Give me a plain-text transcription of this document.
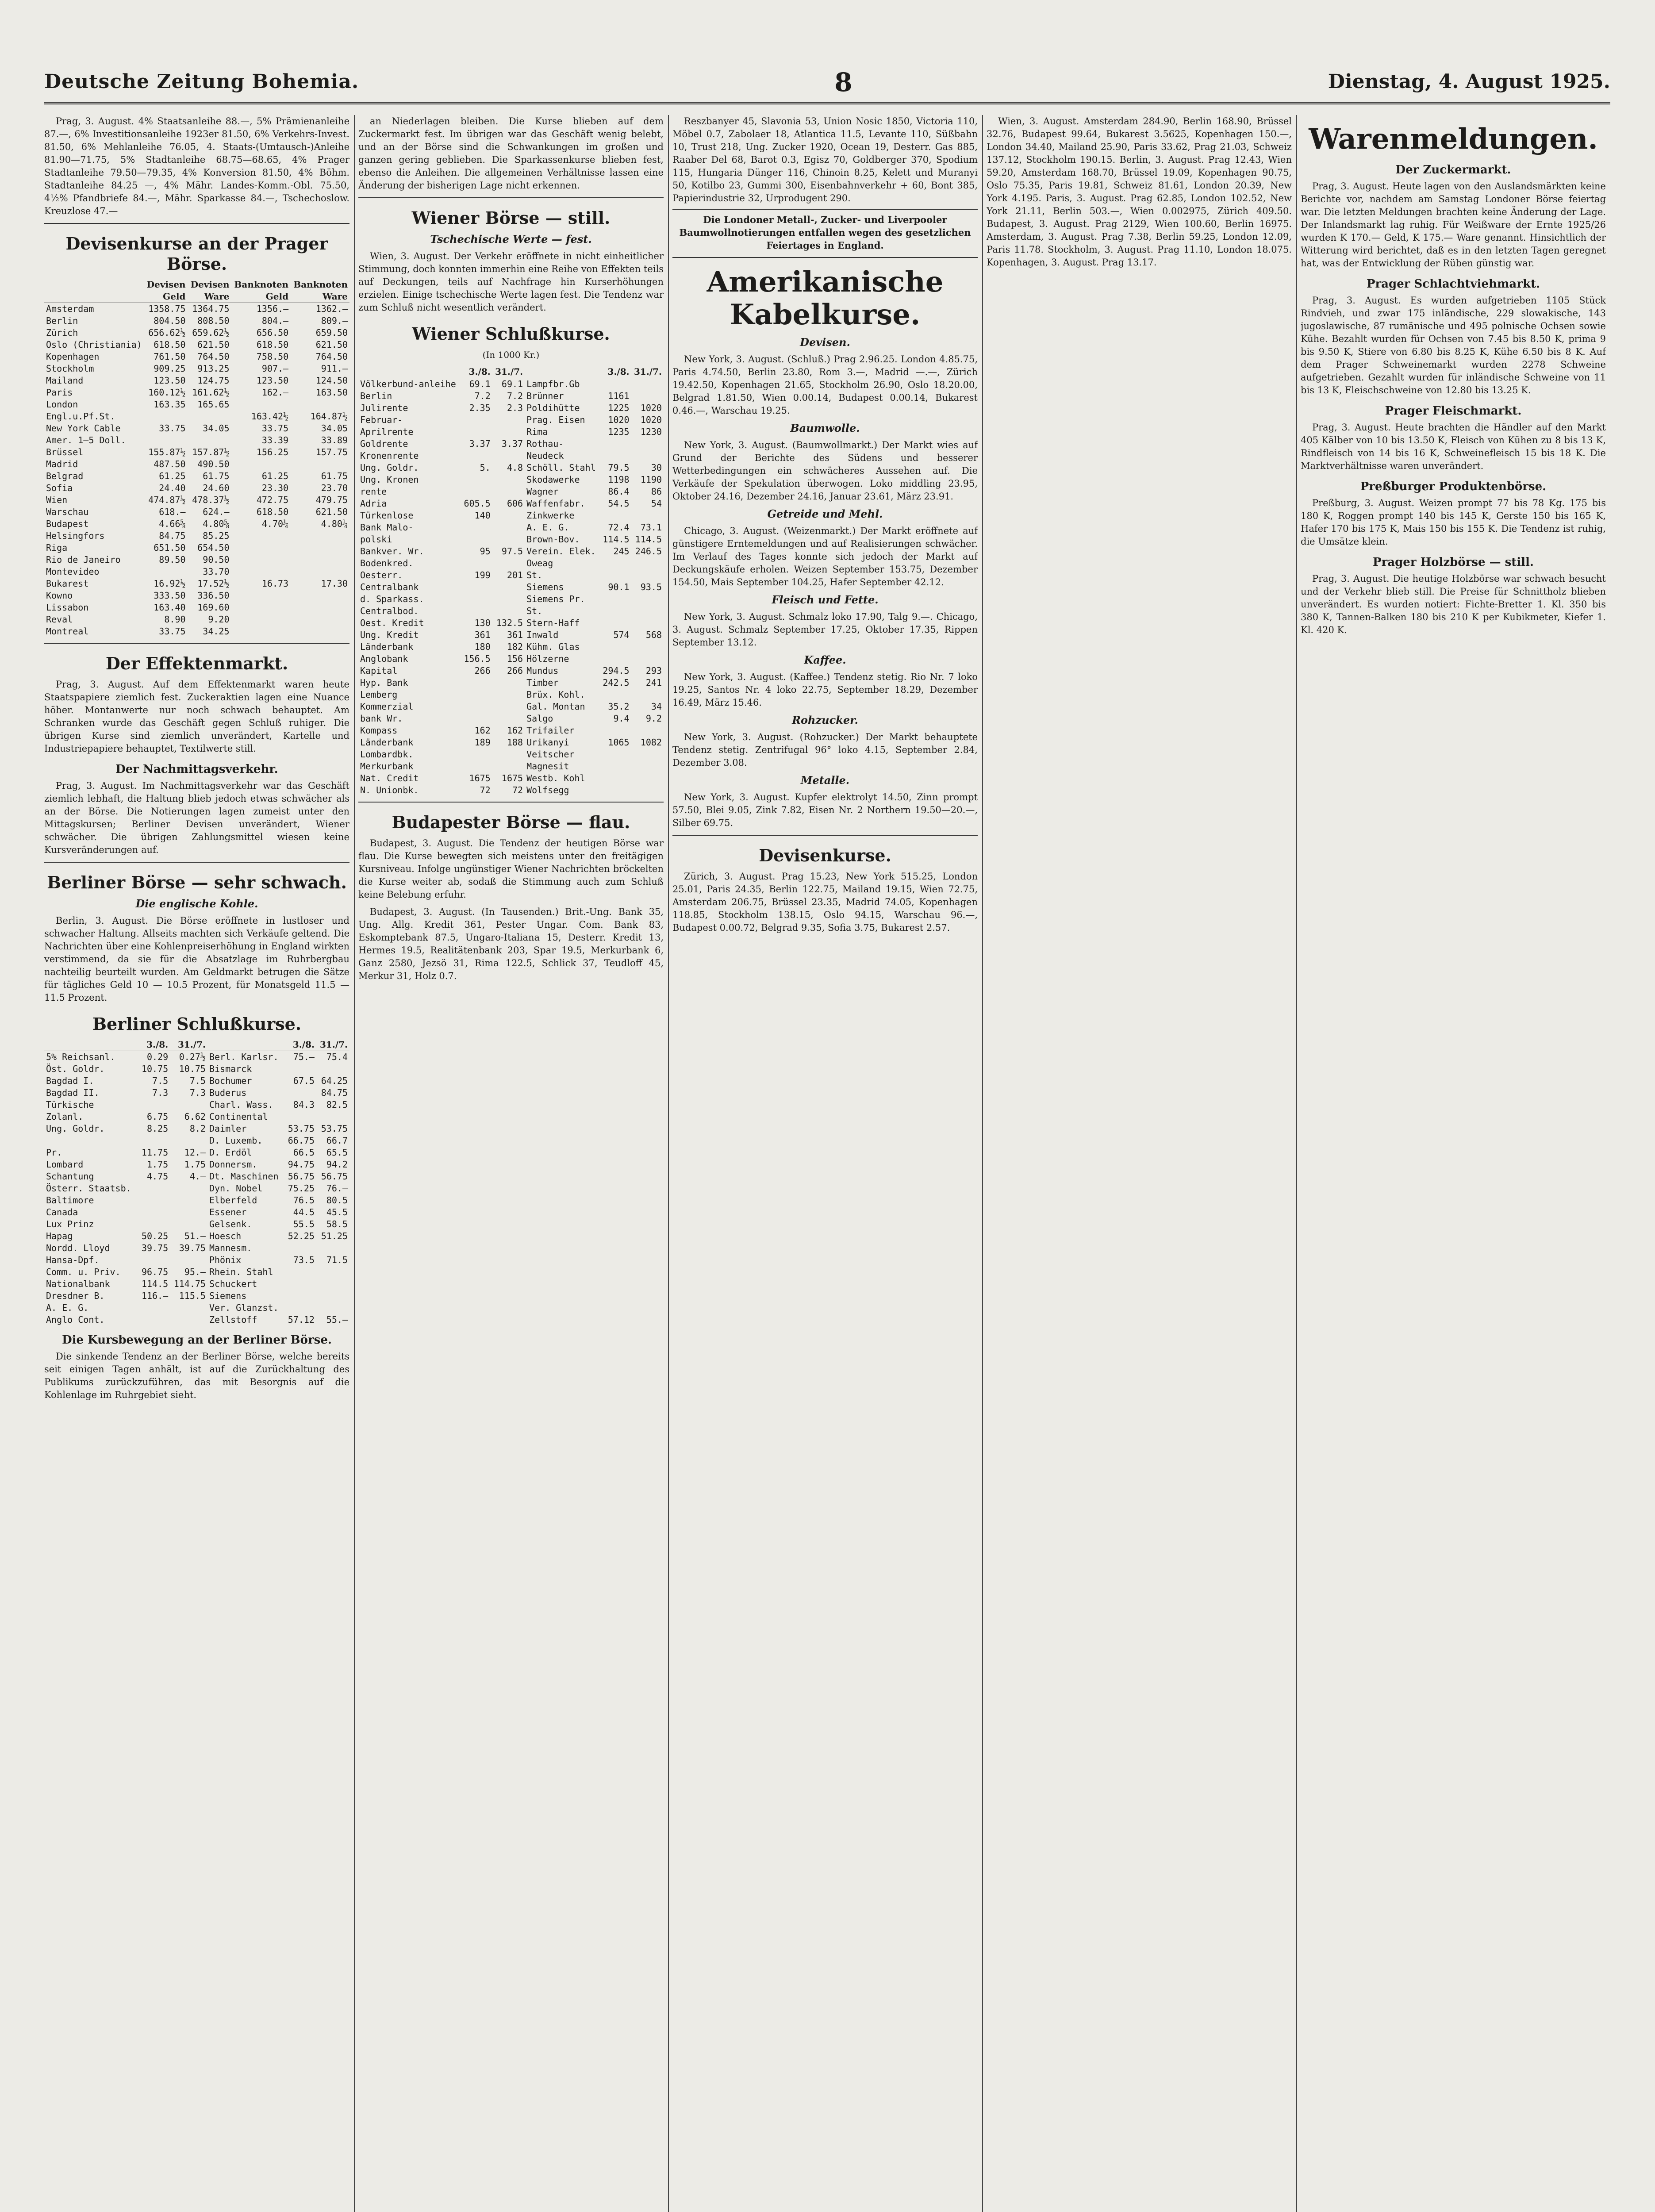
Deutsche Zeitung Bohemia.	8	Dienstag, 4. August 1925.

Prag, 3. August. 4% Staatsanleihe 88.—, 5% Prämienanleihe 87.—, 6% Investitionsanleihe 1923er 81.50, 6% Verkehrs-Invest. 81.50, 6% Mehlanleihe 76.05, 4. Staats-(Umtausch-)Anleihe 81.90—71.75, 5% Stadtanleihe 68.75—68.65, 4% Prager Stadtanleihe 79.50—79.35, 4% Konversion 81.50, 4% Böhm. Stadtanleihe 84.25 —, 4% Mähr. Landes-Komm.-Obl. 75.50, 4½% Pfandbriefe 84.—, Mähr. Sparkasse 84.—, Tschechoslow. Kreuzlose 47.—

Devisenkurse an der Prager Börse.
	Devisen Geld	Devisen Ware	Banknoten Geld	Banknoten Ware
Amsterdam	1358.75	1364.75	1356.—	1362.—
Berlin	804.50	808.50	804.—	809.—
Zürich	656.62½	659.62½	656.50	659.50
Oslo (Christiania)	618.50	621.50	618.50	621.50
Kopenhagen	761.50	764.50	758.50	764.50
Stockholm	909.25	913.25	907.—	911.—
Mailand	123.50	124.75	123.50	124.50
Paris	160.12½	161.62½	162.—	163.50
London	163.35	165.65		
Engl.u.Pf.St.			163.42½	164.87½
New York Cable	33.75	34.05	33.75	34.05
Amer. 1—5 Doll.			33.39	33.89
Brüssel	155.87½	157.87½	156.25	157.75
Madrid	487.50	490.50		
Belgrad	61.25	61.75	61.25	61.75
Sofia	24.40	24.60	23.30	23.70
Wien	474.87½	478.37½	472.75	479.75
Warschau	618.—	624.—	618.50	621.50
Budapest	4.66⅝	4.80⅝	4.70¼	4.80¼
Helsingfors	84.75	85.25		
Riga	651.50	654.50		
Rio de Janeiro	89.50	90.50		
Montevideo		33.70		
Bukarest	16.92½	17.52½	16.73	17.30
Kowno	333.50	336.50		
Lissabon	163.40	169.60		
Reval	8.90	9.20		
Montreal	33.75	34.25		
Der Effektenmarkt.

Prag, 3. August. Auf dem Effektenmarkt waren heute Staatspapiere ziemlich fest. Zuckeraktien lagen eine Nuance höher. Montanwerte nur noch schwach behauptet. Am Schranken wurde das Geschäft gegen Schluß ruhiger. Die übrigen Kurse sind ziemlich unverändert, Kartelle und Industriepapiere behauptet, Textilwerte still.

Der Nachmittagsverkehr.

Prag, 3. August. Im Nachmittagsverkehr war das Geschäft ziemlich lebhaft, die Haltung blieb jedoch etwas schwächer als an der Börse. Die Notierungen lagen zumeist unter den Mittagskursen; Berliner Devisen unverändert, Wiener schwächer. Die übrigen Zahlungsmittel wiesen keine Kursveränderungen auf.

Berliner Börse — sehr schwach.
Die englische Kohle.

Berlin, 3. August. Die Börse eröffnete in lustloser und schwacher Haltung. Allseits machten sich Verkäufe geltend. Die Nachrichten über eine Kohlenpreiserhöhung in England wirkten verstimmend, da sie für die Absatzlage im Ruhrbergbau nachteilig beurteilt wurden. Am Geldmarkt betrugen die Sätze für tägliches Geld 10 — 10.5 Prozent, für Monatsgeld 11.5 — 11.5 Prozent.

Berliner Schlußkurse.
	3./8.	31./7.		3./8.	31./7.
5% Reichsanl.	0.29	0.27½	Berl. Karlsr.	75.—	75.4
Öst. Goldr.	10.75	10.75	Bismarck		
Bagdad I.	7.5	7.5	Bochumer	67.5	64.25
Bagdad II.	7.3	7.3	Buderus		84.75
Türkische			Charl. Wass.	84.3	82.5
Zolanl.	6.75	6.62	Continental		
Ung. Goldr.	8.25	8.2	Daimler	53.75	53.75
			D. Luxemb.	66.75	66.7
Pr.	11.75	12.—	D. Erdöl	66.5	65.5
Lombard	1.75	1.75	Donnersm.	94.75	94.2
Schantung	4.75	4.—	Dt. Maschinen	56.75	56.75
Österr. Staatsb.			Dyn. Nobel	75.25	76.—
Baltimore			Elberfeld	76.5	80.5
Canada			Essener	44.5	45.5
Lux Prinz			Gelsenk.	55.5	58.5
Hapag	50.25	51.—	Hoesch	52.25	51.25
Nordd. Lloyd	39.75	39.75	Mannesm.		
Hansa-Dpf.			Phönix	73.5	71.5
Comm. u. Priv.	96.75	95.—	Rhein. Stahl		
Nationalbank	114.5	114.75	Schuckert		
Dresdner B.	116.—	115.5	Siemens		
A. E. G.			Ver. Glanzst.		
Anglo Cont.			Zellstoff	57.12	55.—
Die Kursbewegung an der Berliner Börse.

Die sinkende Tendenz an der Berliner Börse, welche bereits seit einigen Tagen anhält, ist auf die Zurückhaltung des Publikums zurückzuführen, das mit Besorgnis auf die Kohlenlage im Ruhrgebiet sieht.

an Niederlagen bleiben. Die Kurse blieben auf dem Zuckermarkt fest. Im übrigen war das Geschäft wenig belebt, und an der Börse sind die Schwankungen im großen und ganzen gering geblieben. Die Sparkassenkurse blieben fest, ebenso die Anleihen. Die allgemeinen Verhältnisse lassen eine Änderung der bisherigen Lage nicht erkennen.

Wiener Börse — still.
Tschechische Werte — fest.

Wien, 3. August. Der Verkehr eröffnete in nicht einheitlicher Stimmung, doch konnten immerhin eine Reihe von Effekten teils auf Deckungen, teils auf Nachfrage hin Kurserhöhungen erzielen. Einige tschechische Werte lagen fest. Die Tendenz war zum Schluß nicht wesentlich verändert.

Wiener Schlußkurse.
(In 1000 Kr.)
	3./8.	31./7.		3./8.	31./7.
Völkerbund-anleihe	69.1	69.1	Lampfbr.Gb		
Berlin	7.2	7.2	Brünner	1161	
Julirente	2.35	2.3	Poldihütte	1225	1020
Februar-			Prag. Eisen	1020	1020
Aprilrente			Rima	1235	1230
Goldrente	3.37	3.37	Rothau-		
Kronenrente			Neudeck		
Ung. Goldr.	5.	4.8	Schöll. Stahl	79.5	30
Ung. Kronen			Skodawerke	1198	1190
rente			Wagner	86.4	86
Adria	605.5	606	Waffenfabr.	54.5	54
Türkenlose	140		Zinkwerke		
Bank Malo-			A. E. G.	72.4	73.1
polski			Brown-Bov.	114.5	114.5
Bankver. Wr.	95	97.5	Verein. Elek.	245	246.5
Bodenkred.			Oweag		
Oesterr.	199	201	St.		
Centralbank			Siemens	90.1	93.5
d. Sparkass.			Siemens Pr.		
Centralbod.			St.		
Oest. Kredit	130	132.5	Stern-Haff		
Ung. Kredit	361	361	Inwald	574	568
Länderbank	180	182	Kühm. Glas		
Anglobank	156.5	156	Hölzerne		
Kapital	266	266	Mundus	294.5	293
Hyp. Bank			Timber	242.5	241
Lemberg			Brüx. Kohl.		
Kommerzial			Gal. Montan	35.2	34
bank Wr.			Salgo	9.4	9.2
Kompass	162	162	Trifailer		
Länderbank	189	188	Urikanyi	1065	1082
Lombardbk.			Veitscher		
Merkurbank			Magnesit		
Nat. Credit	1675	1675	Westb. Kohl		
N. Unionbk.	72	72	Wolfsegg		
Budapester Börse — flau.

Budapest, 3. August. Die Tendenz der heutigen Börse war flau. Die Kurse bewegten sich meistens unter den freitägigen Kursniveau. Infolge ungünstiger Wiener Nachrichten bröckelten die Kurse weiter ab, sodaß die Stimmung auch zum Schluß keine Belebung erfuhr.

Budapest, 3. August. (In Tausenden.) Brit.-Ung. Bank 35, Ung. Allg. Kredit 361, Pester Ungar. Com. Bank 83, Eskomptebank 87.5, Ungaro-Italiana 15, Desterr. Kredit 13, Hermes 19.5, Realitätenbank 203, Spar 19.5, Merkurbank 6, Ganz 2580, Jezsö 31, Rima 122.5, Schlick 37, Teudloff 45, Merkur 31, Holz 0.7.

Reszbanyer 45, Slavonia 53, Union Nosic 1850, Victoria 110, Möbel 0.7, Zabolaer 18, Atlantica 11.5, Levante 110, Süßbahn 10, Trust 218, Ung. Zucker 1920, Ocean 19, Desterr. Gas 885, Raaber Del 68, Barot 0.3, Egisz 70, Goldberger 370, Spodium 115, Hungaria Dünger 116, Chinoin 8.25, Kelett und Muranyi 50, Kotilbo 23, Gummi 300, Eisenbahnverkehr + 60, Bont 385, Papierindustrie 32, Urprodugent 290.

Die Londoner Metall-, Zucker- und Liverpooler Baumwollnotierungen entfallen wegen des gesetzlichen Feiertages in England.

Amerikanische Kabelkurse.
Devisen.

New York, 3. August. (Schluß.) Prag 2.96.25. London 4.85.75, Paris 4.74.50, Berlin 23.80, Rom 3.—, Madrid —.—, Zürich 19.42.50, Kopenhagen 21.65, Stockholm 26.90, Oslo 18.20.00, Belgrad 1.81.50, Wien 0.00.14, Budapest 0.00.14, Bukarest 0.46.—, Warschau 19.25.

Baumwolle.

New York, 3. August. (Baumwollmarkt.) Der Markt wies auf Grund der Berichte des Südens und besserer Wetterbedingungen ein schwächeres Aussehen auf. Die Verkäufe der Spekulation überwogen. Loko middling 23.95, Oktober 24.16, Dezember 24.16, Januar 23.61, März 23.91.

Getreide und Mehl.

Chicago, 3. August. (Weizenmarkt.) Der Markt eröffnete auf günstigere Erntemeldungen und auf Realisierungen schwächer. Im Verlauf des Tages konnte sich jedoch der Markt auf Deckungskäufe erholen. Weizen September 153.75, Dezember 154.50, Mais September 104.25, Hafer September 42.12.

Fleisch und Fette.

New York, 3. August. Schmalz loko 17.90, Talg 9.—. Chicago, 3. August. Schmalz September 17.25, Oktober 17.35, Rippen September 13.12.

Kaffee.

New York, 3. August. (Kaffee.) Tendenz stetig. Rio Nr. 7 loko 19.25, Santos Nr. 4 loko 22.75, September 18.29, Dezember 16.49, März 15.46.

Rohzucker.

New York, 3. August. (Rohzucker.) Der Markt behauptete Tendenz stetig. Zentrifugal 96° loko 4.15, September 2.84, Dezember 3.08.

Metalle.

New York, 3. August. Kupfer elektrolyt 14.50, Zinn prompt 57.50, Blei 9.05, Zink 7.82, Eisen Nr. 2 Northern 19.50—20.—, Silber 69.75.

Devisenkurse.

Zürich, 3. August. Prag 15.23, New York 515.25, London 25.01, Paris 24.35, Berlin 122.75, Mailand 19.15, Wien 72.75, Amsterdam 206.75, Brüssel 23.35, Madrid 74.05, Kopenhagen 118.85, Stockholm 138.15, Oslo 94.15, Warschau 96.—, Budapest 0.00.72, Belgrad 9.35, Sofia 3.75, Bukarest 2.57.

Wien, 3. August. Amsterdam 284.90, Berlin 168.90, Brüssel 32.76, Budapest 99.64, Bukarest 3.5625, Kopenhagen 150.—, London 34.40, Mailand 25.90, Paris 33.62, Prag 21.03, Schweiz 137.12, Stockholm 190.15. Berlin, 3. August. Prag 12.43, Wien 59.20, Amsterdam 168.70, Brüssel 19.09, Kopenhagen 90.75, Oslo 75.35, Paris 19.81, Schweiz 81.61, London 20.39, New York 4.195. Paris, 3. August. Prag 62.85, London 102.52, New York 21.11, Berlin 503.—, Wien 0.002975, Zürich 409.50. Budapest, 3. August. Prag 2129, Wien 100.60, Berlin 16975. Amsterdam, 3. August. Prag 7.38, Berlin 59.25, London 12.09, Paris 11.78. Stockholm, 3. August. Prag 11.10, London 18.075. Kopenhagen, 3. August. Prag 13.17.

Warenmeldungen.
Der Zuckermarkt.

Prag, 3. August. Heute lagen von den Auslandsmärkten keine Berichte vor, nachdem am Samstag Londoner Börse feiertag war. Die letzten Meldungen brachten keine Änderung der Lage. Der Inlandsmarkt lag ruhig. Für Weißware der Ernte 1925/26 wurden K 170.— Geld, K 175.— Ware genannt. Hinsichtlich der Witterung wird berichtet, daß es in den letzten Tagen geregnet hat, was der Entwicklung der Rüben günstig war.

Prager Schlachtviehmarkt.

Prag, 3. August. Es wurden aufgetrieben 1105 Stück Rindvieh, und zwar 175 inländische, 229 slowakische, 143 jugoslawische, 87 rumänische und 495 polnische Ochsen sowie Kühe. Bezahlt wurden für Ochsen von 7.45 bis 8.50 K, prima 9 bis 9.50 K, Stiere von 6.80 bis 8.25 K, Kühe 6.50 bis 8 K. Auf dem Prager Schweinemarkt wurden 2278 Schweine aufgetrieben. Gezahlt wurden für inländische Schweine von 11 bis 13 K, Fleischschweine von 12.80 bis 13.25 K.

Prager Fleischmarkt.

Prag, 3. August. Heute brachten die Händler auf den Markt 405 Kälber von 10 bis 13.50 K, Fleisch von Kühen zu 8 bis 13 K, Rindfleisch von 14 bis 16 K, Schweinefleisch 15 bis 18 K. Die Marktverhältnisse waren unverändert.

Preßburger Produktenbörse.

Preßburg, 3. August. Weizen prompt 77 bis 78 Kg. 175 bis 180 K, Roggen prompt 140 bis 145 K, Gerste 150 bis 165 K, Hafer 170 bis 175 K, Mais 150 bis 155 K. Die Tendenz ist ruhig, die Umsätze klein.

Prager Holzbörse — still.

Prag, 3. August. Die heutige Holzbörse war schwach besucht und der Verkehr blieb still. Die Preise für Schnittholz blieben unverändert. Es wurden notiert: Fichte-Bretter 1. Kl. 350 bis 380 K, Tannen-Balken 180 bis 210 K per Kubikmeter, Kiefer 1. Kl. 420 K.
